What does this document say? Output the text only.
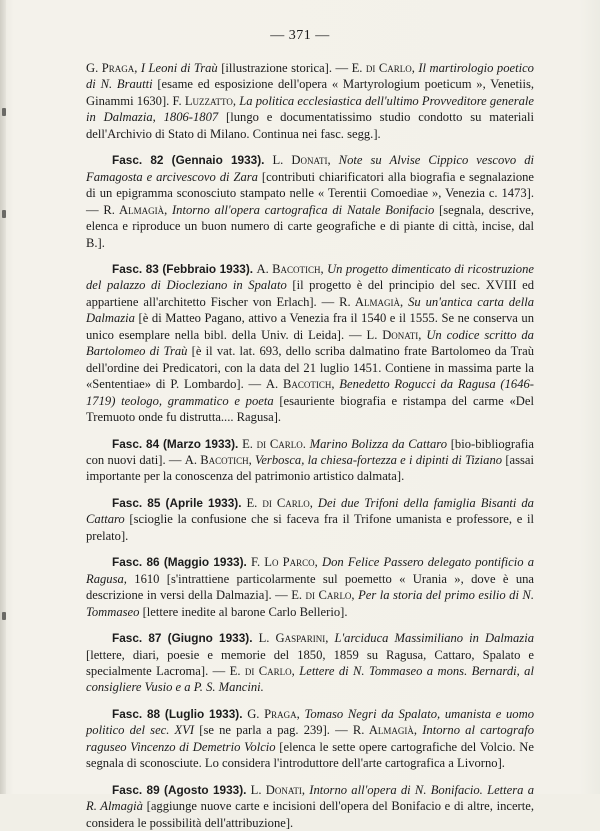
— 371 —

G. Praga, I Leoni di Traù [illustrazione storica]. — E. di Carlo, Il martirologio poetico di N. Brautti [esame ed esposizione dell'opera « Martyrologium poeticum », Venetiis, Ginammi 1630]. F. Luzzatto, La politica ecclesiastica dell'ultimo Provveditore generale in Dalmazia, 1806-1807 [lungo e documentatissimo studio condotto su materiali dell'Archivio di Stato di Milano. Continua nei fasc. segg.].

Fasc. 82 (Gennaio 1933). L. Donati, Note su Alvise Cippico vescovo di Famagosta e arcivescovo di Zara [contributi chiarificatori alla biografia e segnalazione di un epigramma sconosciuto stampato nelle « Terentii Comoediae », Venezia c. 1473]. — R. Almagià, Intorno all'opera cartografica di Natale Bonifacio [segnala, descrive, elenca e riproduce un buon numero di carte geografiche e di piante di città, incise, dal B.].

Fasc. 83 (Febbraio 1933). A. Bacotich, Un progetto dimenticato di ricostruzione del palazzo di Diocleziano in Spalato [il progetto è del principio del sec. XVIII ed appartiene all'architetto Fischer von Erlach]. — R. Almagià, Su un'antica carta della Dalmazia [è di Matteo Pagano, attivo a Venezia fra il 1540 e il 1555. Se ne conserva un unico esemplare nella bibl. della Univ. di Leida]. — L. Donati, Un codice scritto da Bartolomeo di Traù [è il vat. lat. 693, dello scriba dalmatino frate Bartolomeo da Traù dell'ordine dei Predicatori, con la data del 21 luglio 1451. Contiene in massima parte la «Sententiae» di P. Lombardo]. — A. Bacotich, Benedetto Rogucci da Ragusa (1646-1719) teologo, grammatico e poeta [esauriente biografia e ristampa del carme «Del Tremuoto onde fu distrutta.... Ragusa].

Fasc. 84 (Marzo 1933). E. di Carlo. Marino Bolizza da Cattaro [bio-bibliografia con nuovi dati]. — A. Bacotich, Verbosca, la chiesa-fortezza e i dipinti di Tiziano [assai importante per la conoscenza del patrimonio artistico dalmata].

Fasc. 85 (Aprile 1933). E. di Carlo, Dei due Trifoni della famiglia Bisanti da Cattaro [scioglie la confusione che si faceva fra il Trifone umanista e professore, e il prelato].

Fasc. 86 (Maggio 1933). F. Lo Parco, Don Felice Passero delegato pontificio a Ragusa, 1610 [s'intrattiene particolarmente sul poemetto « Urania », dove è una descrizione in versi della Dalmazia]. — E. di Carlo, Per la storia del primo esilio di N. Tommaseo [lettere inedite al barone Carlo Bellerio].

Fasc. 87 (Giugno 1933). L. Gasparini, L'arciduca Massimiliano in Dalmazia [lettere, diari, poesie e memorie del 1850, 1859 su Ragusa, Cattaro, Spalato e specialmente Lacroma]. — E. di Carlo, Lettere di N. Tommaseo a mons. Bernardi, al consigliere Vusio e a P. S. Mancini.

Fasc. 88 (Luglio 1933). G. Praga, Tomaso Negri da Spalato, umanista e uomo politico del sec. XVI [se ne parla a pag. 239]. — R. Almagià, Intorno al cartografo raguseo Vincenzo di Demetrio Volcio [elenca le sette opere cartografiche del Volcio. Ne segnala di sconosciute. Lo considera l'introduttore dell'arte cartografica a Livorno].

Fasc. 89 (Agosto 1933). L. Donati, Intorno all'opera di N. Bonifacio. Lettera a R. Almagià [aggiunge nuove carte e incisioni dell'opera del Bonifacio e di altre, incerte, considera le possibilità dell'attribuzione].
